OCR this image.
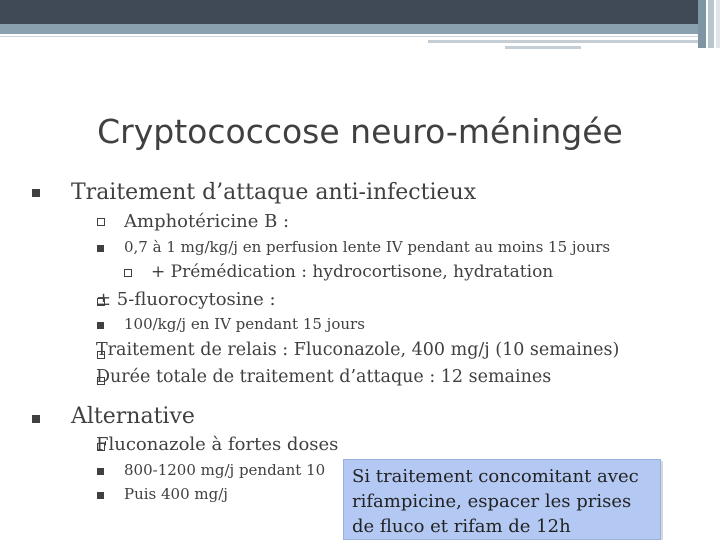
Cryptococcose neuro-méningée
Traitement d’attaque anti-infectieux
Amphotéricine B :
0,7 à 1 mg/kg/j en perfusion lente IV pendant au moins 15 jours
+ Prémédication : hydrocortisone, hydratation
± 5-fluorocytosine :
100/kg/j en IV pendant 15 jours
Traitement de relais : Fluconazole, 400 mg/j (10 semaines)
Durée totale de traitement d’attaque : 12 semaines
Alternative
Fluconazole à fortes doses
800-1200 mg/j pendant 10
Puis 400 mg/j
Si traitement concomitant avec rifampicine, espacer les prises de fluco et rifam de 12h
